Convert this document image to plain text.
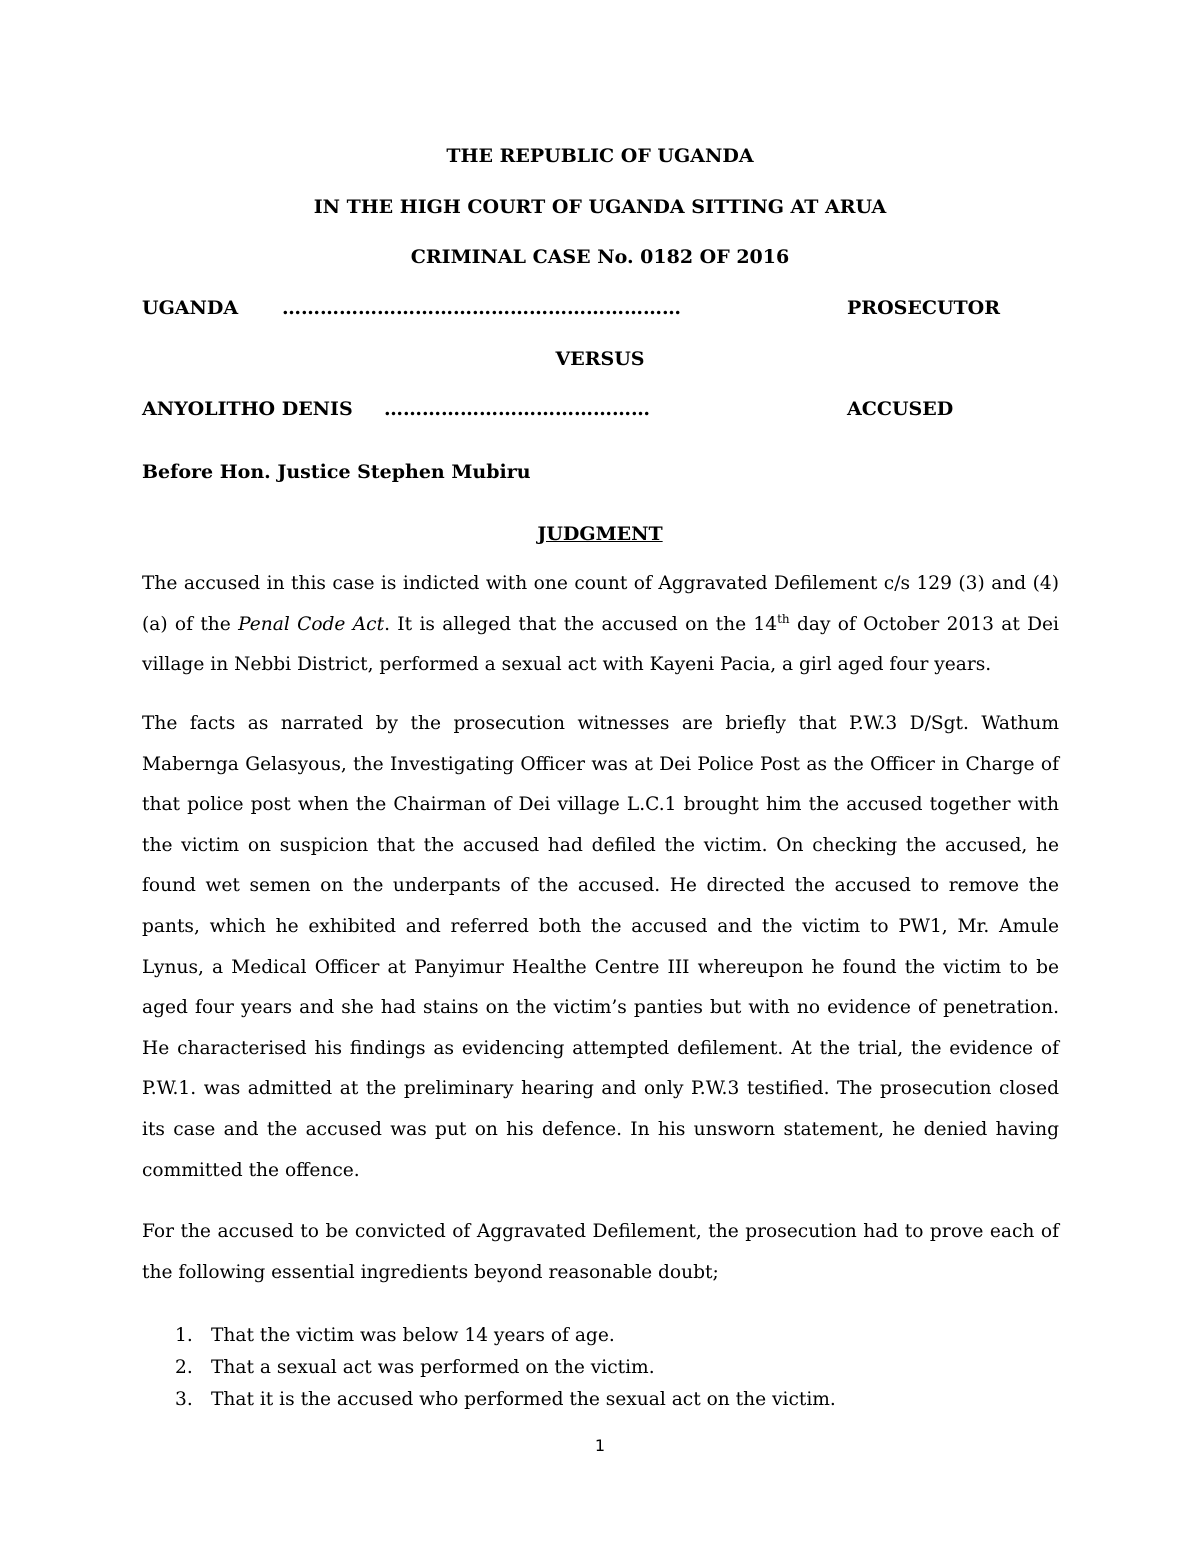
THE REPUBLIC OF UGANDA

IN THE HIGH COURT OF UGANDA SITTING AT ARUA

CRIMINAL CASE No. 0182 OF 2016

UGANDA ………………………………………………………	PROSECUTOR

VERSUS

ANYOLITHO DENIS ……………………………………	ACCUSED

Before Hon. Justice Stephen Mubiru

JUDGMENT

The accused in this case is indicted with one count of Aggravated Defilement c/s 129 (3) and (4) (a) of the Penal Code Act. It is alleged that the accused on the 14th day of October 2013 at Dei village in Nebbi District, performed a sexual act with Kayeni Pacia, a girl aged four years.

The facts as narrated by the prosecution witnesses are briefly that P.W.3 D/Sgt. Wathum Mabernga Gelasyous, the Investigating Officer was at Dei Police Post as the Officer in Charge of that police post when the Chairman of Dei village L.C.1 brought him the accused together with the victim on suspicion that the accused had defiled the victim. On checking the accused, he found wet semen on the underpants of the accused. He directed the accused to remove the pants, which he exhibited and referred both the accused and the victim to PW1, Mr. Amule Lynus, a Medical Officer at Panyimur Healthe Centre III whereupon he found the victim to be aged four years and she had stains on the victim’s panties but with no evidence of penetration. He characterised his findings as evidencing attempted defilement. At the trial, the evidence of P.W.1. was admitted at the preliminary hearing and only P.W.3 testified. The prosecution closed its case and the accused was put on his defence. In his unsworn statement, he denied having committed the offence.

For the accused to be convicted of Aggravated Defilement, the prosecution had to prove each of the following essential ingredients beyond reasonable doubt;

1. That the victim was below 14 years of age.
2. That a sexual act was performed on the victim.
3. That it is the accused who performed the sexual act on the victim.

1
